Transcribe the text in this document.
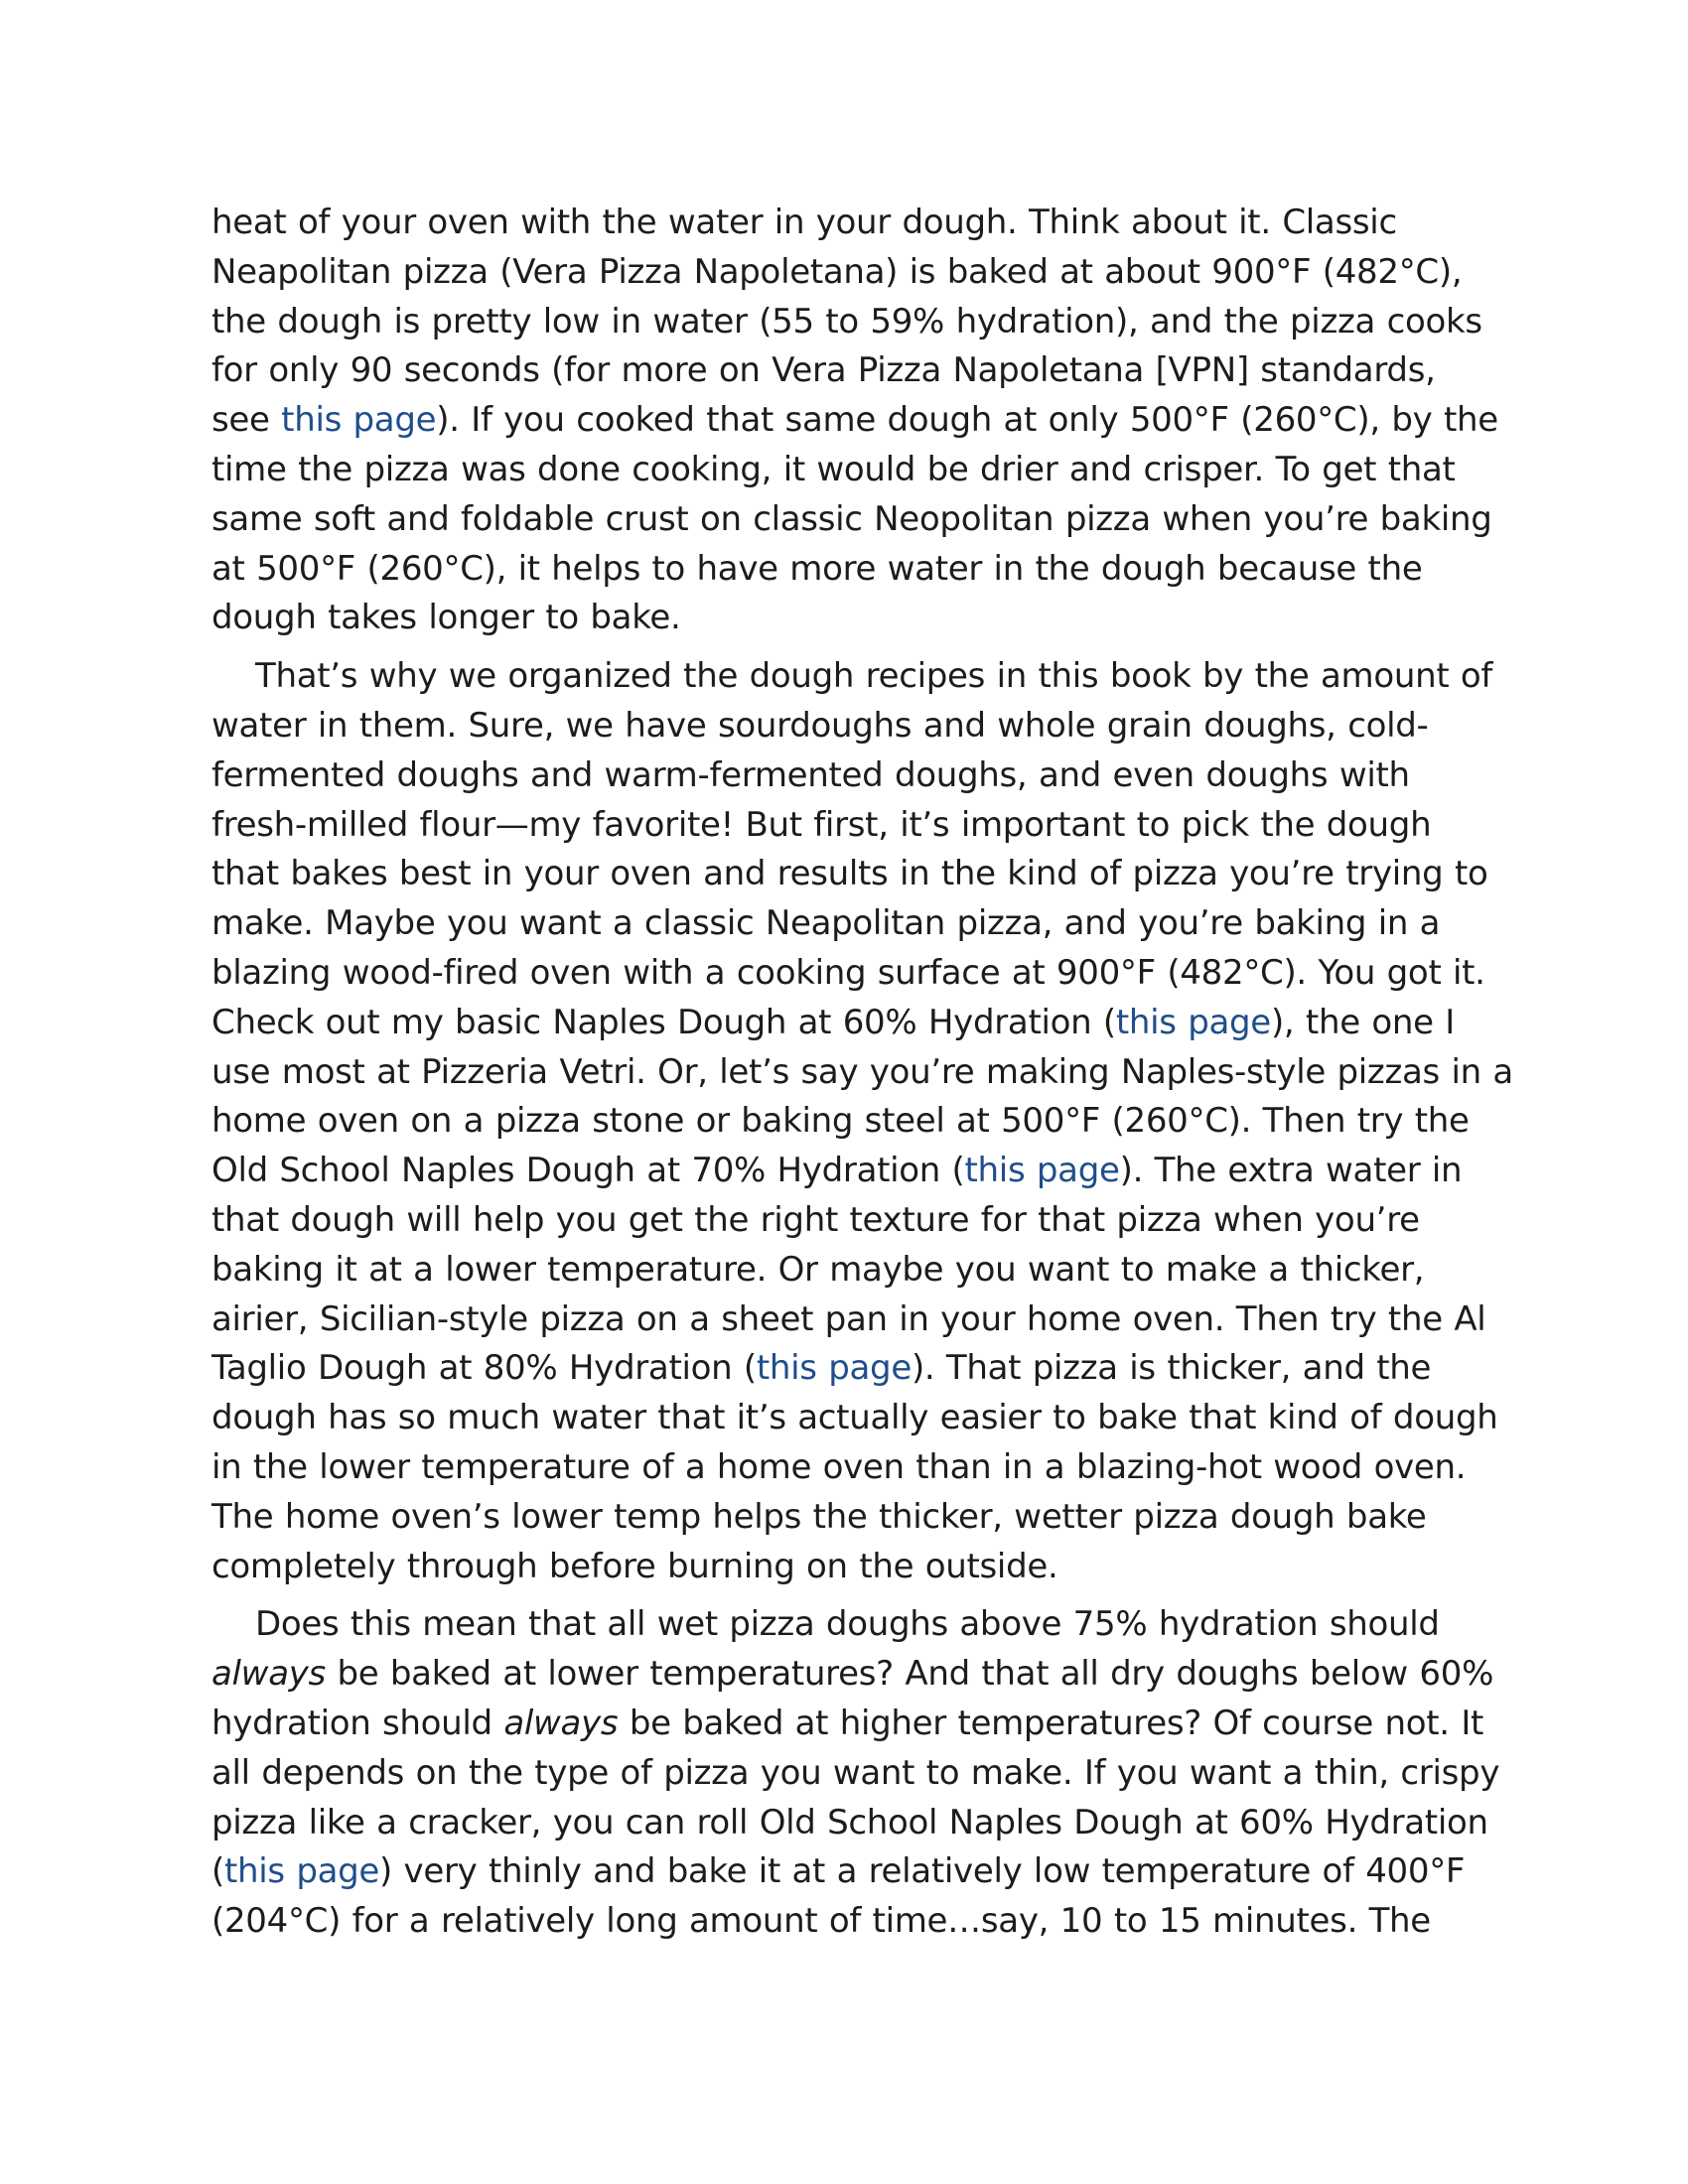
heat of your oven with the water in your dough. Think about it. Classic
Neapolitan pizza (Vera Pizza Napoletana) is baked at about 900°F (482°C),
the dough is pretty low in water (55 to 59% hydration), and the pizza cooks
for only 90 seconds (for more on Vera Pizza Napoletana [VPN] standards,
see this page). If you cooked that same dough at only 500°F (260°C), by the
time the pizza was done cooking, it would be drier and crisper. To get that
same soft and foldable crust on classic Neopolitan pizza when you’re baking
at 500°F (260°C), it helps to have more water in the dough because the
dough takes longer to bake.
That’s why we organized the dough recipes in this book by the amount of
water in them. Sure, we have sourdoughs and whole grain doughs, cold-
fermented doughs and warm-fermented doughs, and even doughs with
fresh-milled flour—my favorite! But first, it’s important to pick the dough
that bakes best in your oven and results in the kind of pizza you’re trying to
make. Maybe you want a classic Neapolitan pizza, and you’re baking in a
blazing wood-fired oven with a cooking surface at 900°F (482°C). You got it.
Check out my basic Naples Dough at 60% Hydration (this page), the one I
use most at Pizzeria Vetri. Or, let’s say you’re making Naples-style pizzas in a
home oven on a pizza stone or baking steel at 500°F (260°C). Then try the
Old School Naples Dough at 70% Hydration (this page). The extra water in
that dough will help you get the right texture for that pizza when you’re
baking it at a lower temperature. Or maybe you want to make a thicker,
airier, Sicilian-style pizza on a sheet pan in your home oven. Then try the Al
Taglio Dough at 80% Hydration (this page). That pizza is thicker, and the
dough has so much water that it’s actually easier to bake that kind of dough
in the lower temperature of a home oven than in a blazing-hot wood oven.
The home oven’s lower temp helps the thicker, wetter pizza dough bake
completely through before burning on the outside.
Does this mean that all wet pizza doughs above 75% hydration should
always be baked at lower temperatures? And that all dry doughs below 60%
hydration should always be baked at higher temperatures? Of course not. It
all depends on the type of pizza you want to make. If you want a thin, crispy
pizza like a cracker, you can roll Old School Naples Dough at 60% Hydration
(this page) very thinly and bake it at a relatively low temperature of 400°F
(204°C) for a relatively long amount of time…say, 10 to 15 minutes. The
